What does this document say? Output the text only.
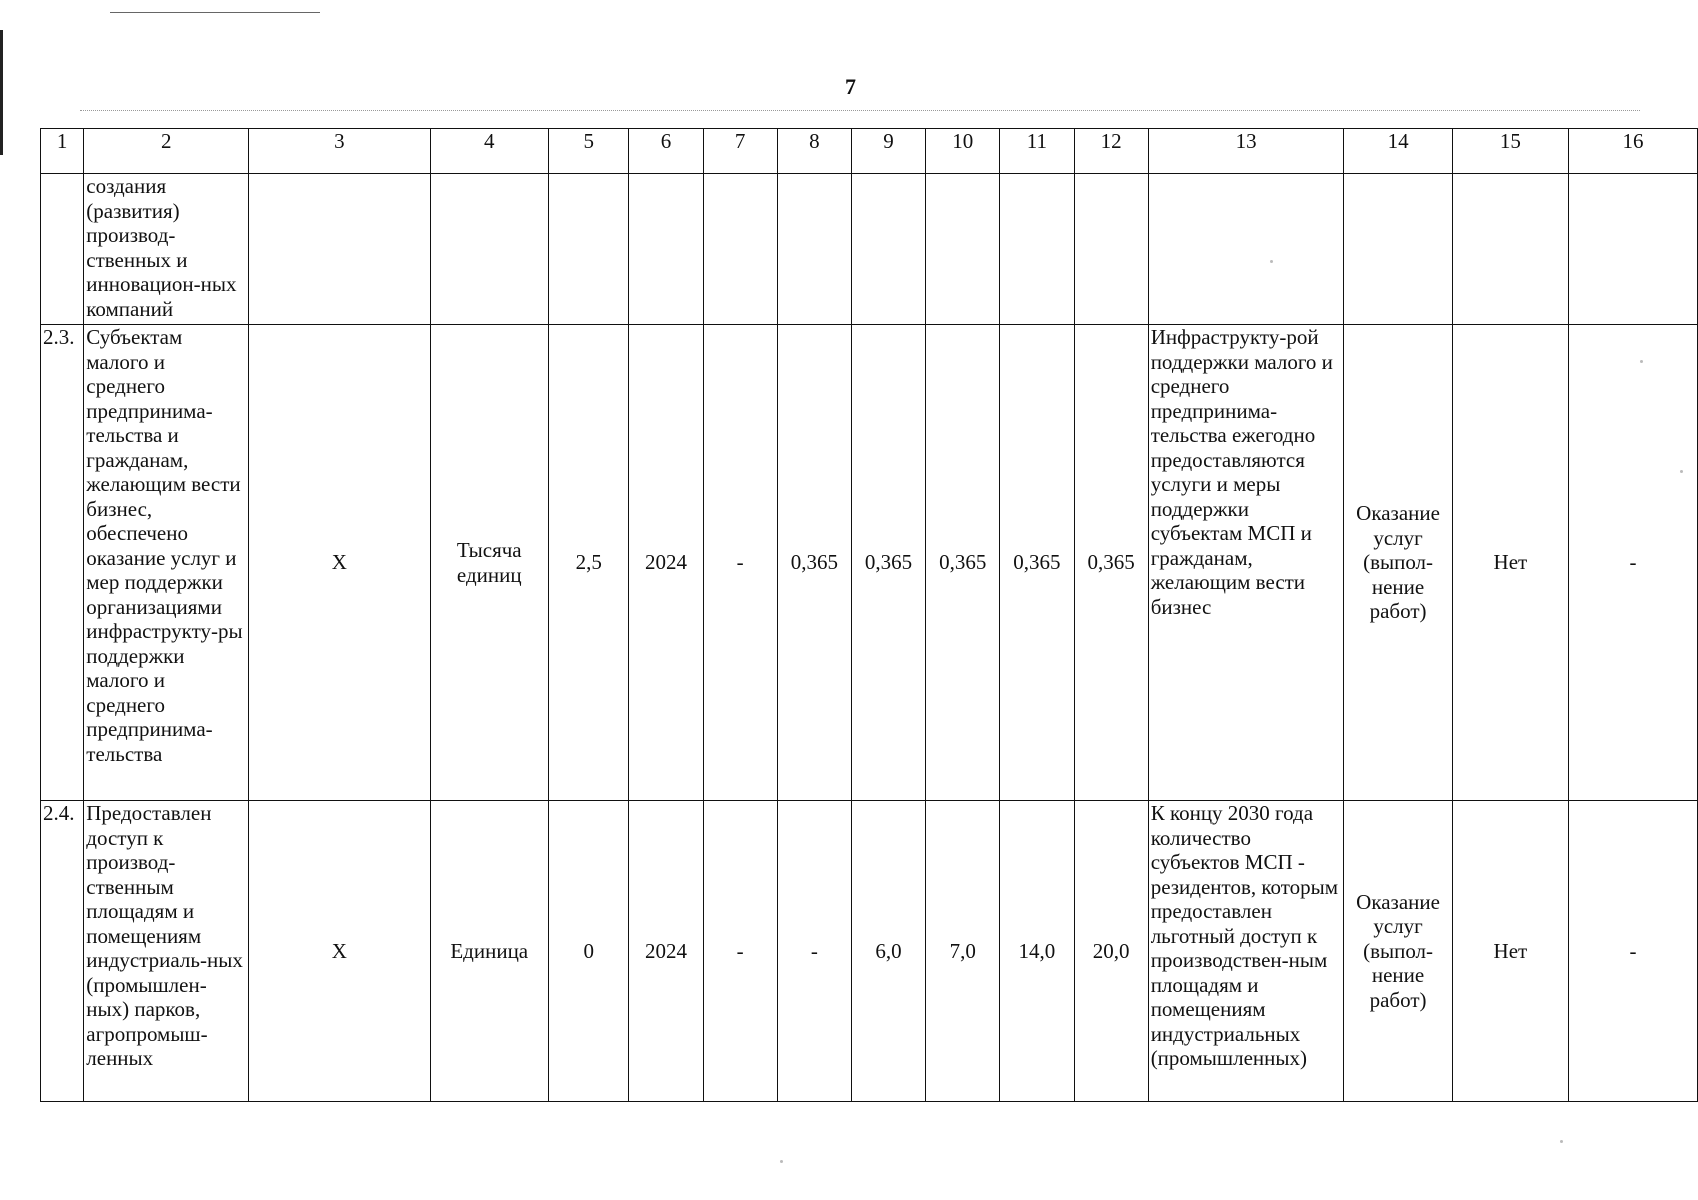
7
1	2	3	4	5	6	7	8	9	10	11	12	13	14	15	16
	создания (развития) производ-ственных и инновацион-ных компаний														
2.3.	Субъектам малого и среднего предпринима-тельства и гражданам, желающим вести бизнес, обеспечено оказание услуг и мер поддержки организациями инфраструкту-ры поддержки малого и среднего предпринима-тельства	X	Тысяча единиц	2,5	2024	-	0,365	0,365	0,365	0,365	0,365	Инфраструкту-рой поддержки малого и среднего предпринима-тельства ежегодно предоставляются услуги и меры поддержки субъектам МСП и гражданам, желающим вести бизнес	Оказание услуг (выпол-нение работ)	Нет	-
2.4.	Предоставлен доступ к производ-ственным площадям и помещениям индустриаль-ных (промышлен-ных) парков, агропромыш-ленных	X	Единица	0	2024	-	-	6,0	7,0	14,0	20,0	К концу 2030 года количество субъектов МСП - резидентов, которым предоставлен льготный доступ к производствен-ным площадям и помещениям индустриальных (промышленных)	Оказание услуг (выпол-нение работ)	Нет	-
